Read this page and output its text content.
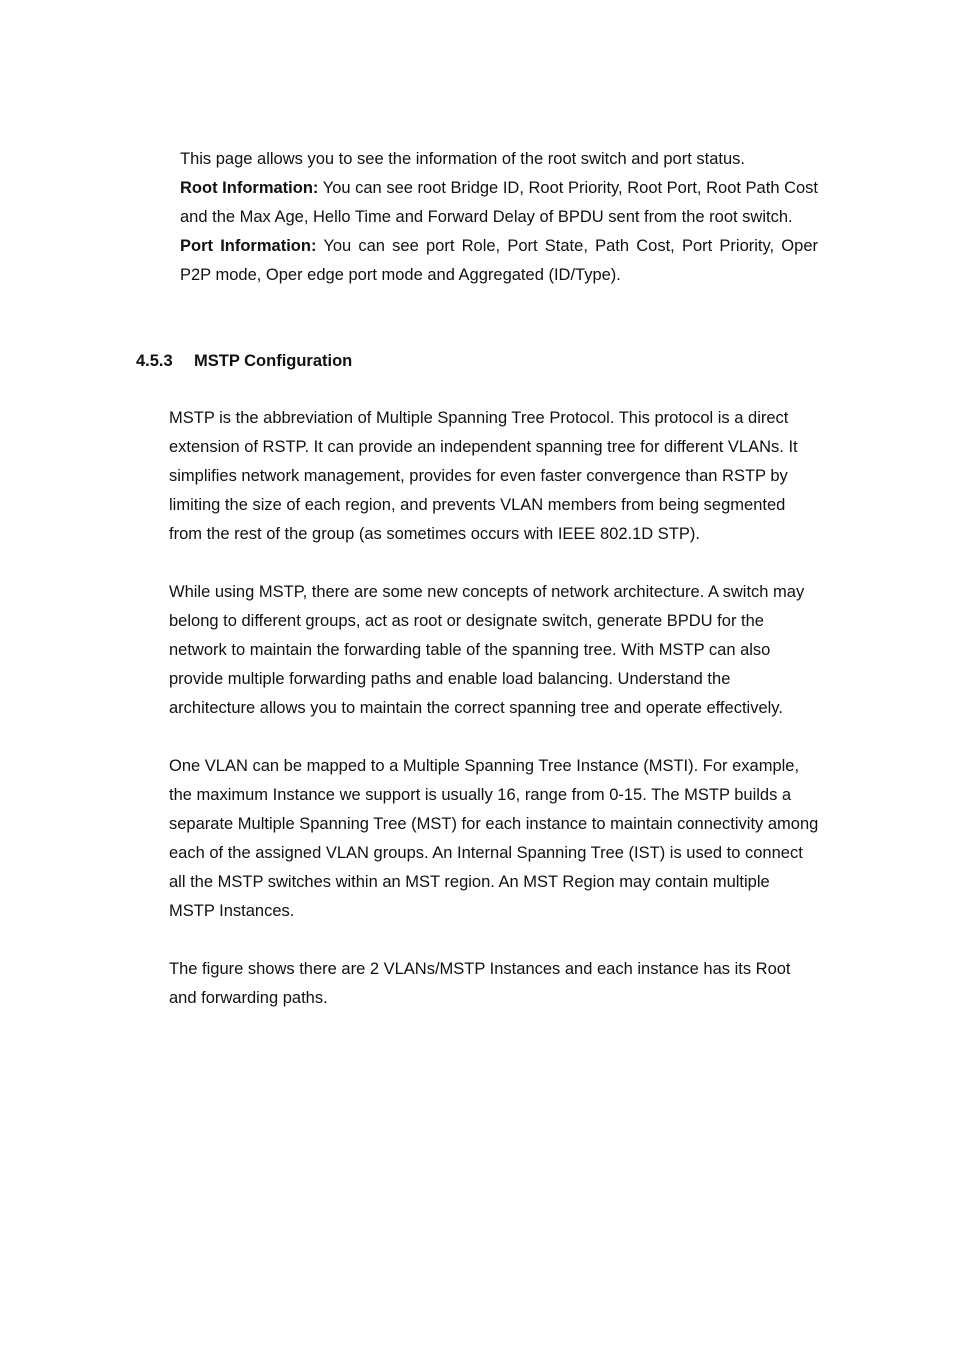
This page allows you to see the information of the root switch and port status.

Root Information: You can see root Bridge ID, Root Priority, Root Port, Root Path Cost and the Max Age, Hello Time and Forward Delay of BPDU sent from the root switch.

Port Information: You can see port Role, Port State, Path Cost, Port Priority, Oper P2P mode, Oper edge port mode and Aggregated (ID/Type).

4.5.3 MSTP Configuration

MSTP is the abbreviation of Multiple Spanning Tree Protocol. This protocol is a direct extension of RSTP. It can provide an independent spanning tree for different VLANs. It simplifies network management, provides for even faster convergence than RSTP by limiting the size of each region, and prevents VLAN members from being segmented from the rest of the group (as sometimes occurs with IEEE 802.1D STP).

While using MSTP, there are some new concepts of network architecture. A switch may belong to different groups, act as root or designate switch, generate BPDU for the network to maintain the forwarding table of the spanning tree. With MSTP can also provide multiple forwarding paths and enable load balancing. Understand the architecture allows you to maintain the correct spanning tree and operate effectively.

One VLAN can be mapped to a Multiple Spanning Tree Instance (MSTI). For example, the maximum Instance we support is usually 16, range from 0-15. The MSTP builds a separate Multiple Spanning Tree (MST) for each instance to maintain connectivity among each of the assigned VLAN groups. An Internal Spanning Tree (IST) is used to connect all the MSTP switches within an MST region. An MST Region may contain multiple MSTP Instances.

The figure shows there are 2 VLANs/MSTP Instances and each instance has its Root and forwarding paths.
